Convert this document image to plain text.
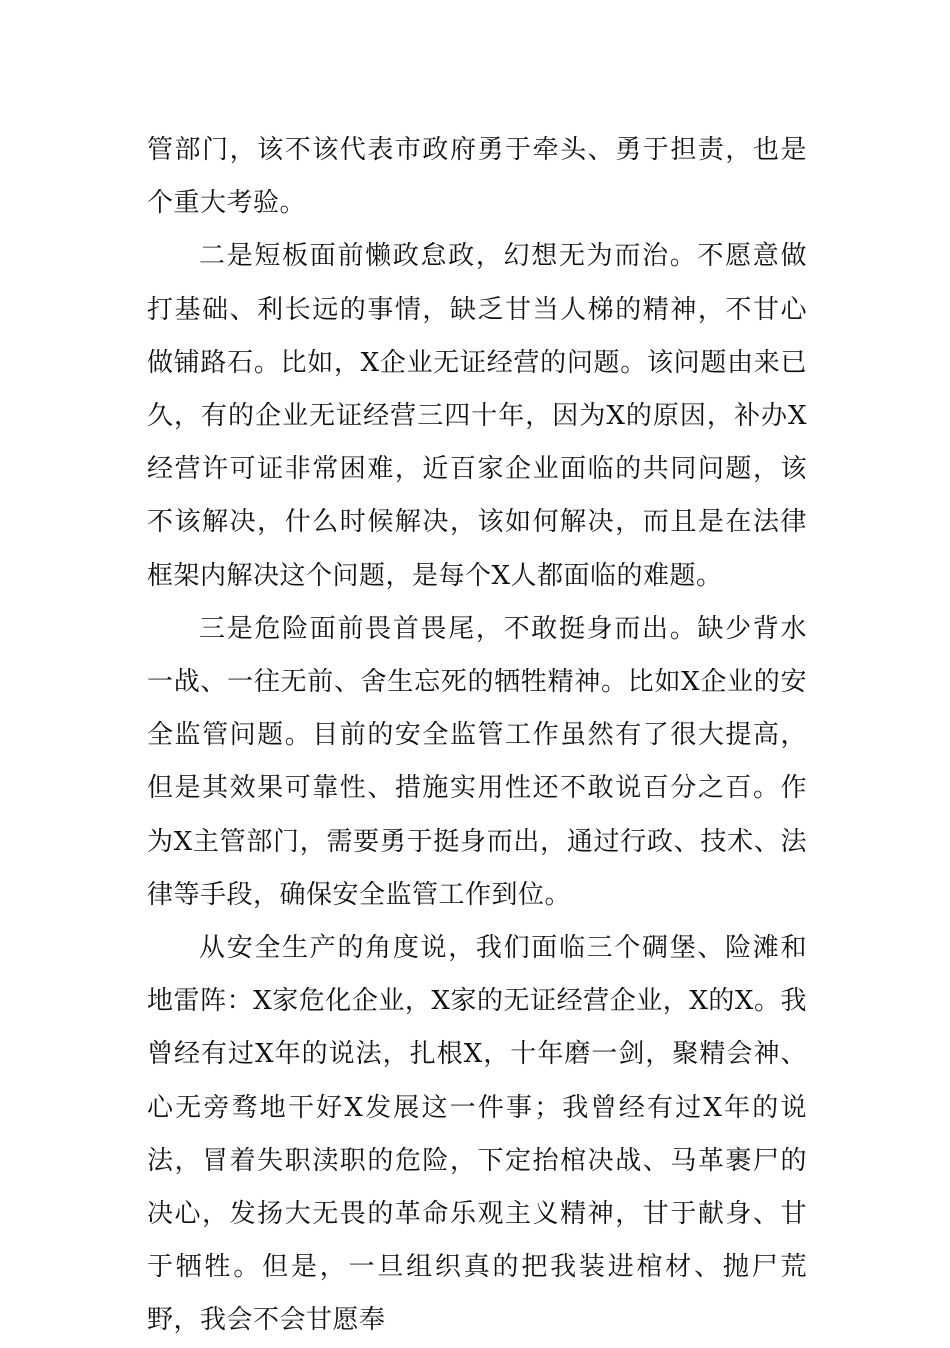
管部门，该不该代表市政府勇于牵头、勇于担责，也是个重大考验。

二是短板面前懒政怠政，幻想无为而治。不愿意做打基础、利长远的事情，缺乏甘当人梯的精神，不甘心做铺路石。比如，X企业无证经营的问题。该问题由来已久，有的企业无证经营三四十年，因为X的原因，补办X经营许可证非常困难，近百家企业面临的共同问题，该不该解决，什么时候解决，该如何解决，而且是在法律框架内解决这个问题，是每个X人都面临的难题。

三是危险面前畏首畏尾，不敢挺身而出。缺少背水一战、一往无前、舍生忘死的牺牲精神。比如X企业的安全监管问题。目前的安全监管工作虽然有了很大提高，但是其效果可靠性、措施实用性还不敢说百分之百。作为X主管部门，需要勇于挺身而出，通过行政、技术、法律等手段，确保安全监管工作到位。

从安全生产的角度说，我们面临三个碉堡、险滩和地雷阵：X家危化企业，X家的无证经营企业，X的X。我曾经有过X年的说法，扎根X，十年磨一剑，聚精会神、心无旁骛地干好X发展这一件事；我曾经有过X年的说法，冒着失职渎职的危险，下定抬棺决战、马革裹尸的决心，发扬大无畏的革命乐观主义精神，甘于献身、甘于牺牲。但是，一旦组织真的把我装进棺材、抛尸荒野，我会不会甘愿奉
